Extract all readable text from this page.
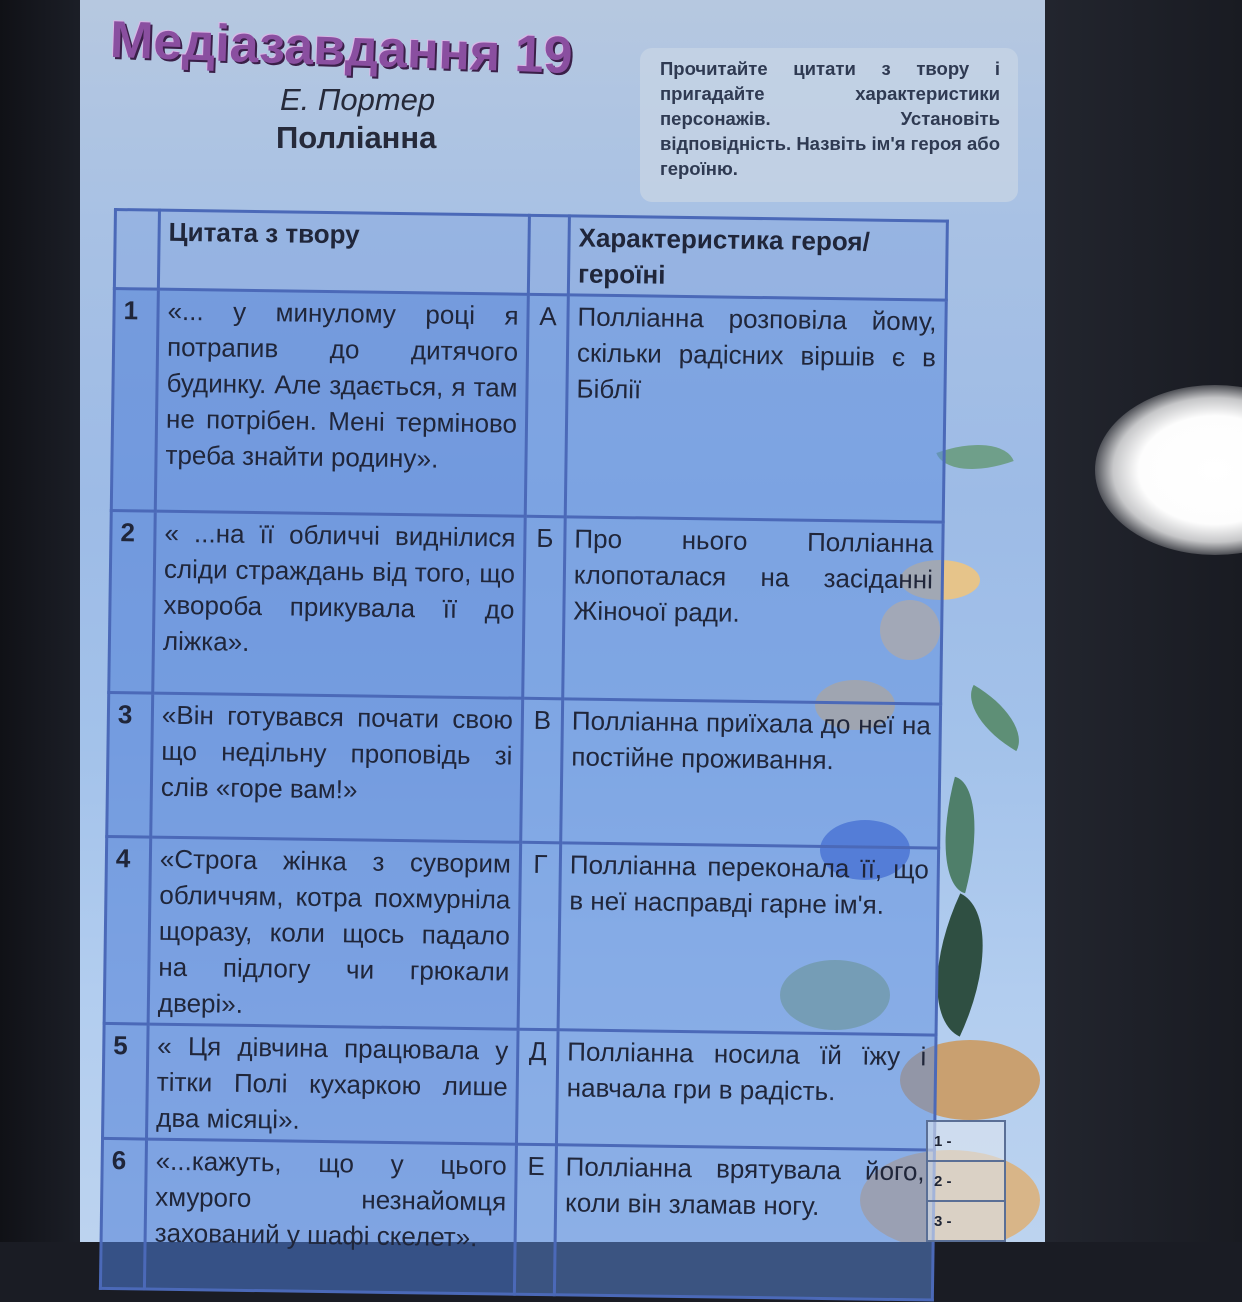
Медіазавдання 19
Е. Портер
Полліанна
Прочитайте цитати з твору і пригадайте характеристики персонажів. Установіть відповідність. Назвіть ім'я героя або героїню.
	Цитата з твору		Характеристика героя/героїні
1	«... у минулому році я потрапив до дитячого будинку. Але здається, я там не потрібен. Мені терміново треба знайти родину».	А	Полліанна розповіла йому, скільки радісних віршів є в Біблії
2	« ...на її обличчі виднілися сліди страждань від того, що хвороба прикувала її до ліжка».	Б	Про нього Полліанна клопоталася на засіданні Жіночої ради.
3	«Він готувався почати свою що недільну проповідь зі слів «горе вам!»	В	Полліанна приїхала до неї на постійне проживання.
4	«Строга жінка з суворим обличчям, котра похмурніла щоразу, коли щось падало на підлогу чи грюкали двері».	Г	Полліанна переконала її, що в неї насправді гарне ім'я.
5	« Ця дівчина працювала у тітки Полі кухаркою лише два місяці».	Д	Полліанна носила їй їжу і навчала гри в радість.
6	«...кажуть, що у цього хмурого незнайомця захований у шафі скелет».	Е	Полліанна врятувала його, коли він зламав ногу.
1 -
2 -
3 -
